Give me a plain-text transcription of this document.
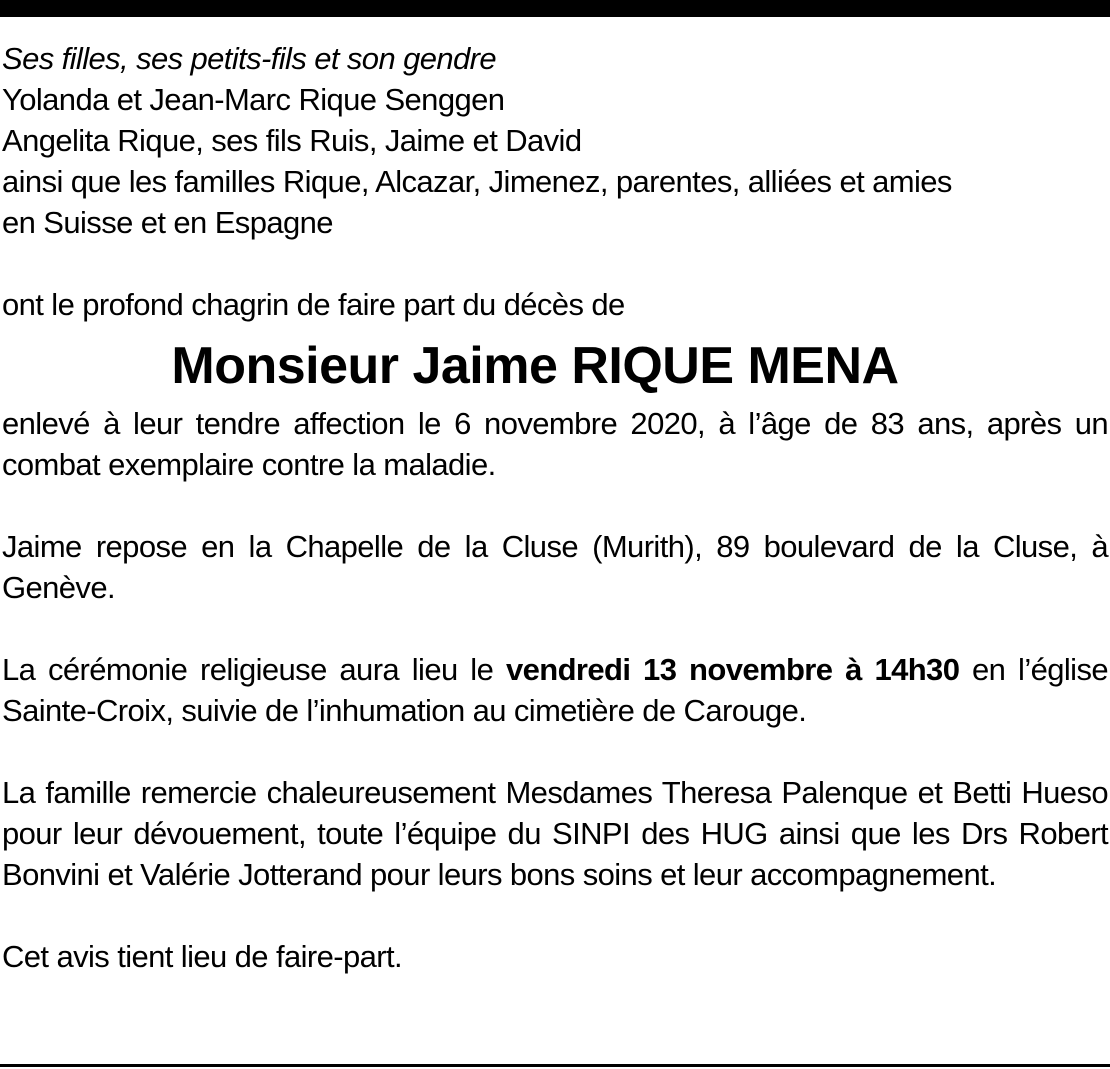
Ses filles, ses petits-fils et son gendre
Yolanda et Jean-Marc Rique Senggen
Angelita Rique, ses fils Ruis, Jaime et David
ainsi que les familles Rique, Alcazar, Jimenez, parentes, alliées et amies
en Suisse et en Espagne
ont le profond chagrin de faire part du décès de
Monsieur Jaime RIQUE MENA
enlevé à leur tendre affection le 6 novembre 2020, à l’âge de 83 ans, après un combat exemplaire contre la maladie.
Jaime repose en la Chapelle de la Cluse (Murith), 89 boulevard de la Cluse, à Genève.
La cérémonie religieuse aura lieu le vendredi 13 novembre à 14h30 en l’église Sainte-Croix, suivie de l’inhumation au cimetière de Carouge.
La famille remercie chaleureusement Mesdames Theresa Palenque et Betti Hueso pour leur dévouement, toute l’équipe du SINPI des HUG ainsi que les Drs Robert Bonvini et Valérie Jotterand pour leurs bons soins et leur accompagnement.
Cet avis tient lieu de faire-part.
